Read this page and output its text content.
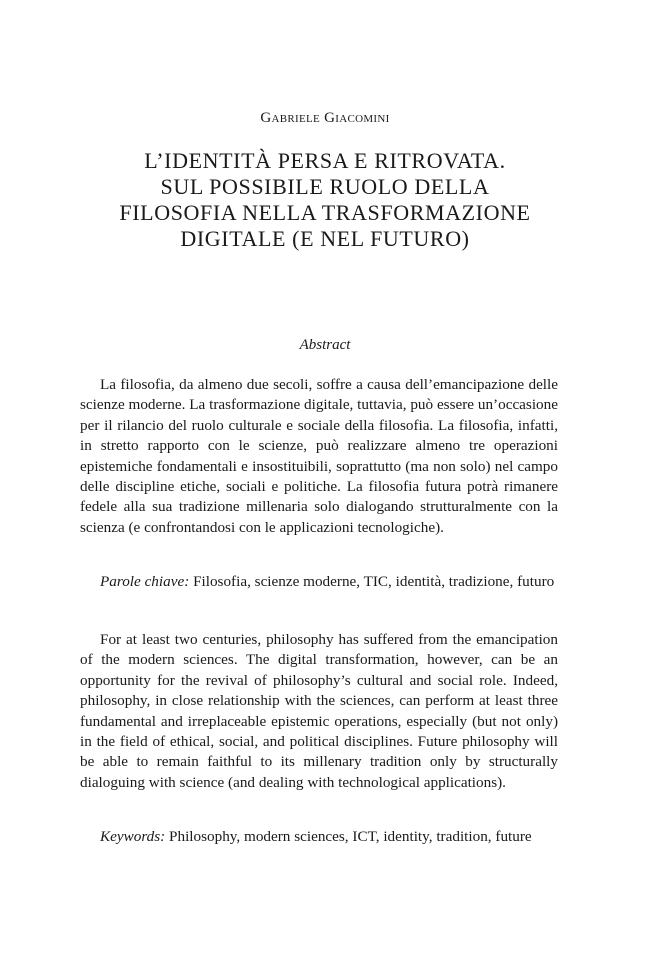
Gabriele Giacomini
L’IDENTITÀ PERSA E RITROVATA.
SUL POSSIBILE RUOLO DELLA
FILOSOFIA NELLA TRASFORMAZIONE
DIGITALE (E NEL FUTURO)
Abstract

La filosofia, da almeno due secoli, soffre a causa dell’emancipazione delle scienze moderne. La trasformazione digitale, tuttavia, può essere un’occasione per il rilancio del ruolo culturale e sociale della filosofia. La filosofia, infatti, in stretto rapporto con le scienze, può realizzare almeno tre operazioni epistemiche fondamentali e insostituibili, soprattutto (ma non solo) nel campo delle discipline etiche, sociali e politiche. La filosofia futura potrà rimanere fedele alla sua tradizione millenaria solo dialogando strutturalmente con la scienza (e confrontandosi con le applicazioni tecnologiche).

Parole chiave: Filosofia, scienze moderne, TIC, identità, tradizione, futuro

For at least two centuries, philosophy has suffered from the emancipation of the modern sciences. The digital transformation, however, can be an opportunity for the revival of philosophy’s cultural and social role. Indeed, philosophy, in close relationship with the sciences, can perform at least three fundamental and irreplaceable epistemic operations, especially (but not only) in the field of ethical, social, and political disciplines. Future philosophy will be able to remain faithful to its millenary tradition only by structurally dialoguing with science (and dealing with technological applications).

Keywords: Philosophy, modern sciences, ICT, identity, tradition, future
